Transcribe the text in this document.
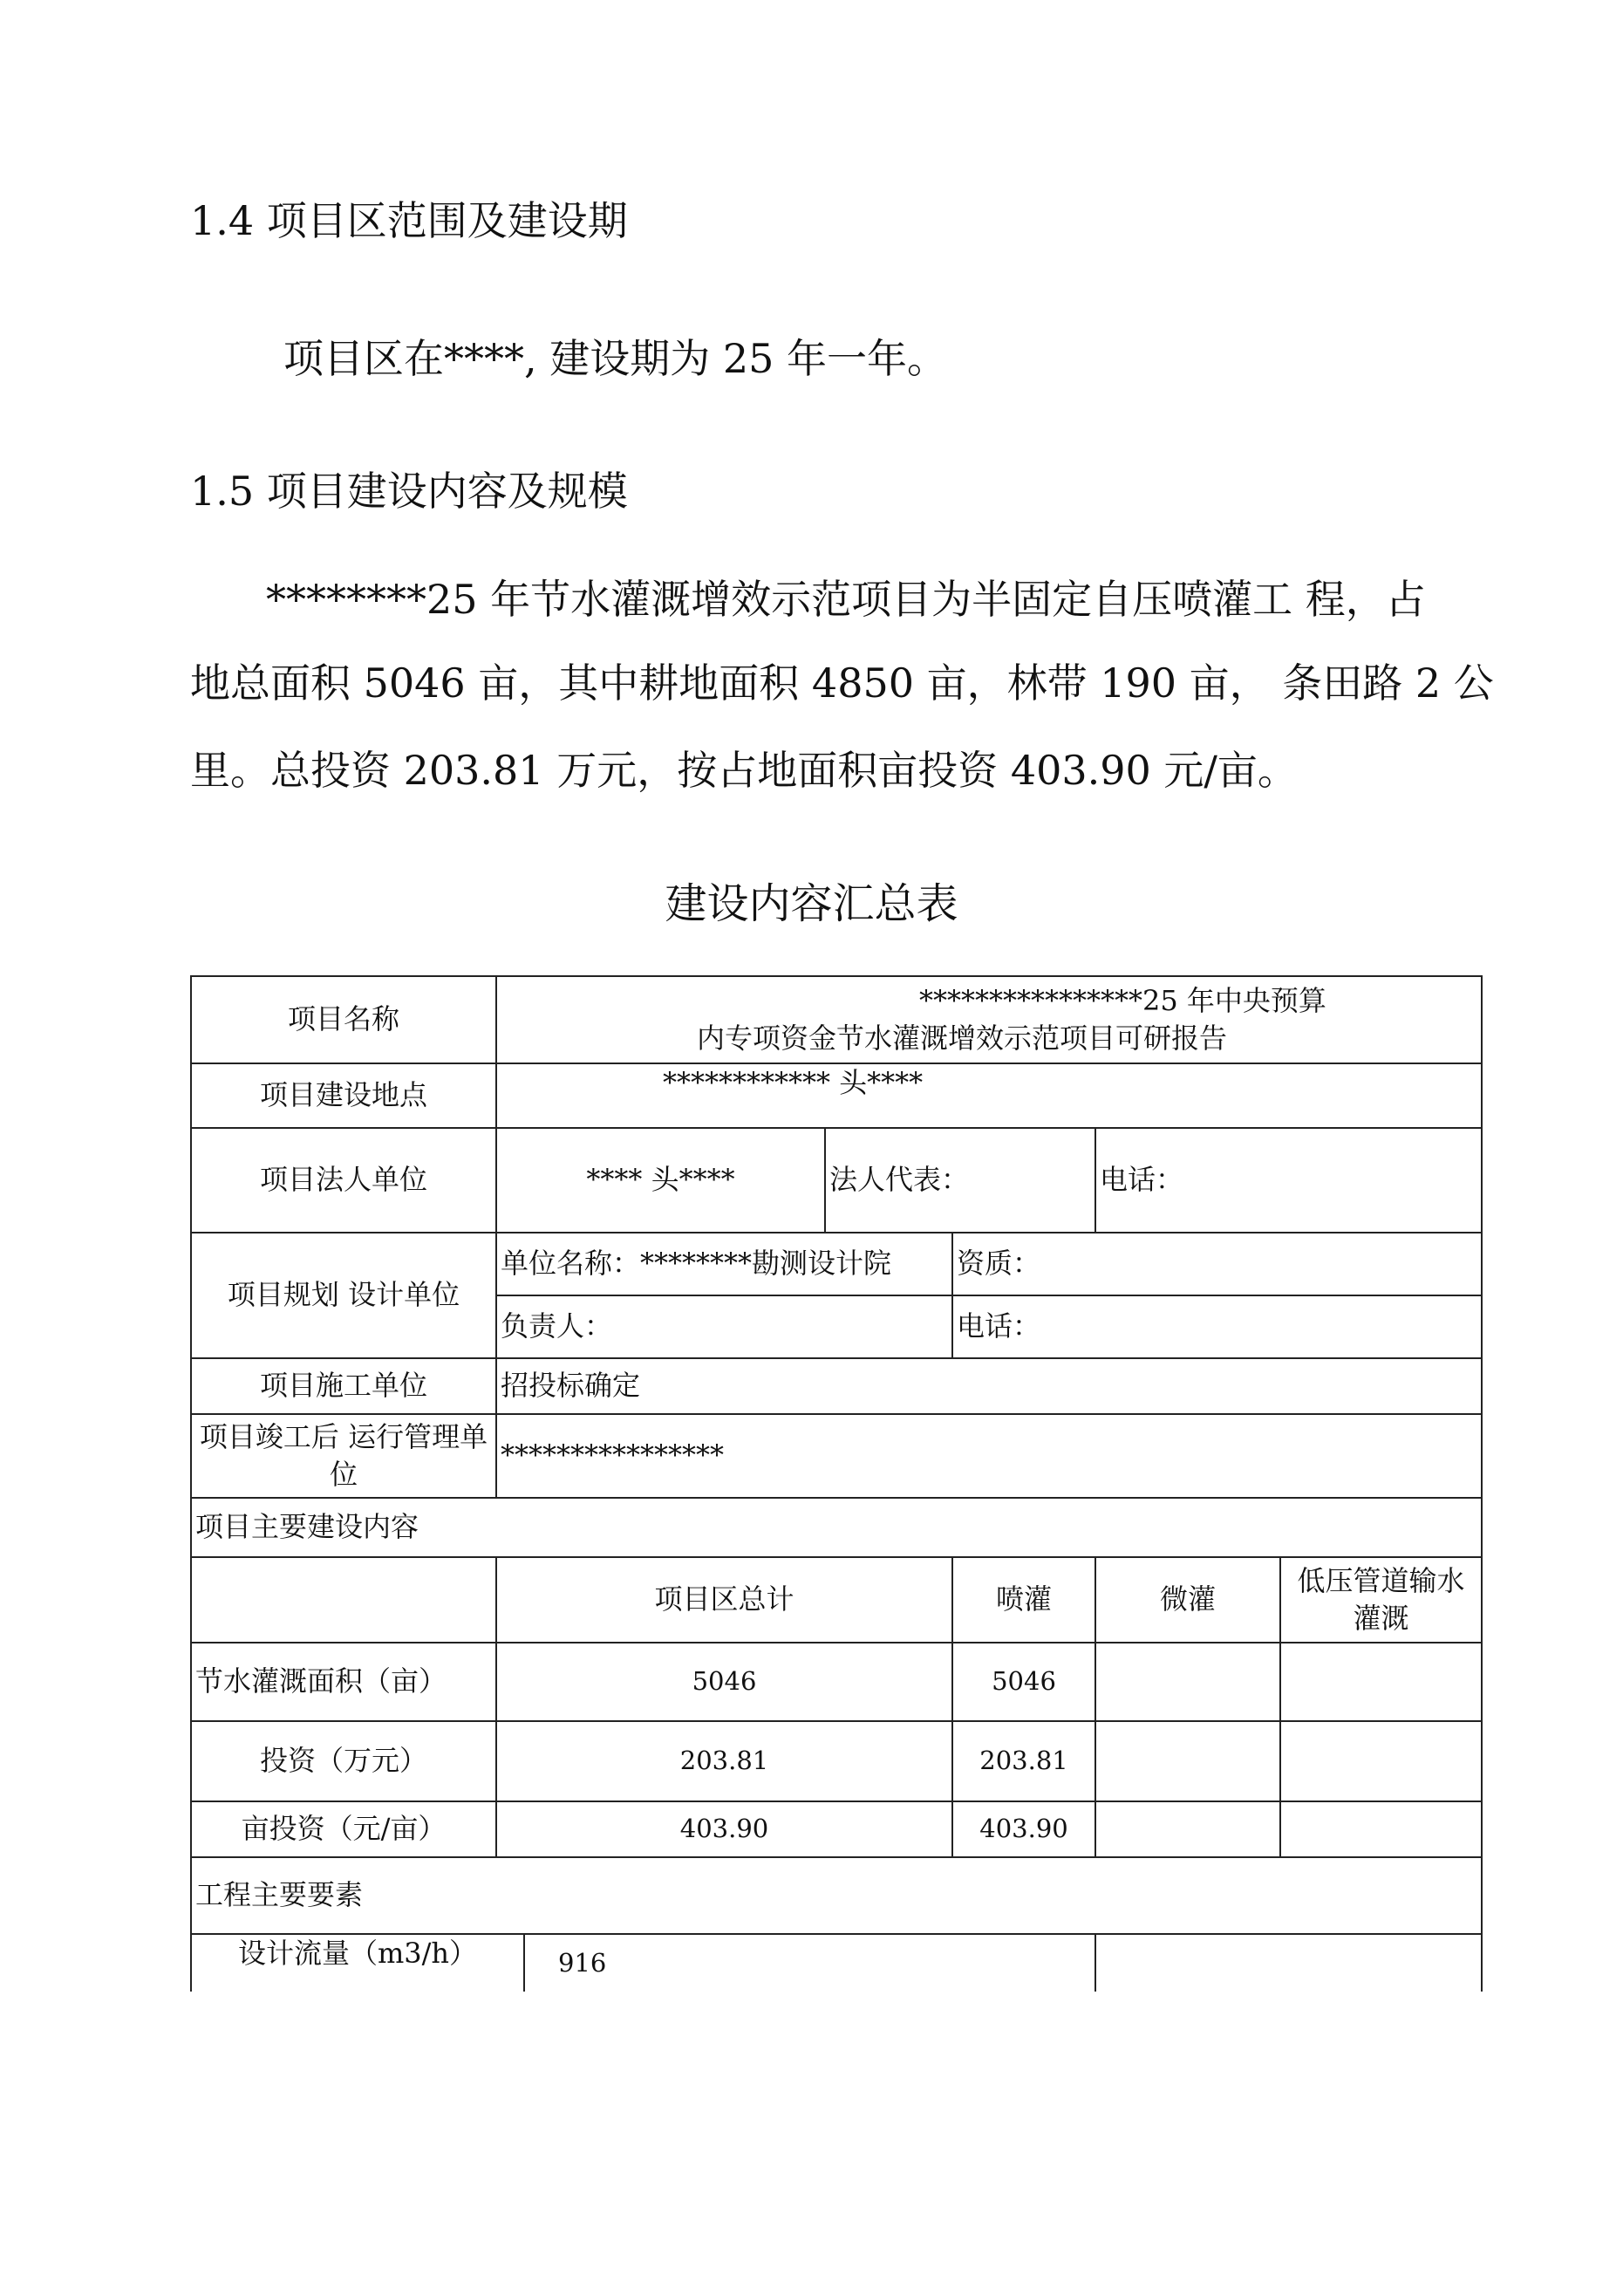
1.4 项目区范围及建设期
项目区在****, 建设期为 25 年一年。
1.5 项目建设内容及规模
********25 年节水灌溉增效示范项目为半固定自压喷灌工 程，占
地总面积 5046 亩，其中耕地面积 4850 亩，林带 190 亩， 条田路 2 公
里。总投资 203.81 万元，按占地面积亩投资 403.90 元/亩。
建设内容汇总表
项目名称	****************25 年中央预算
内专项资金节水灌溉增效示范项目可研报告					

项目建设地点	************ 头****					
项目法人单位	**** 头****		法人代表：		电话：	
项目规划 设计单位	单位名称：********勘测设计院			资质：		
	负责人：			电话：		
项目施工单位	招投标确定					
项目竣工后 运行管理单位	****************					
项目主要建设内容						
	项目区总计			喷灌	微灌	低压管道输水灌溉
节水灌溉面积（亩）	5046			5046		
投资（万元）	203.81			203.81		
亩投资（元/亩）	403.90			403.90		
工程主要要素						
设计流量（m3/h）		916				
